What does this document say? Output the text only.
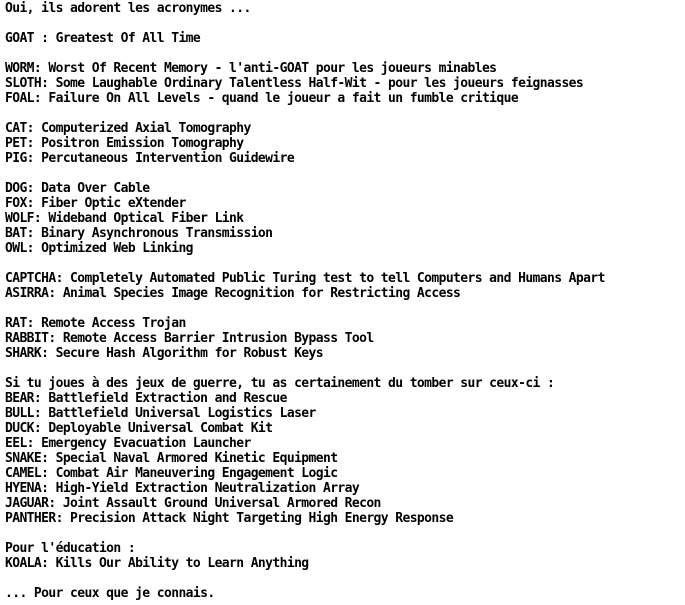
Oui, ils adorent les acronymes ...
GOAT : Greatest Of All Time
WORM: Worst Of Recent Memory - l'anti-GOAT pour les joueurs minables
SLOTH: Some Laughable Ordinary Talentless Half-Wit - pour les joueurs feignasses
FOAL: Failure On All Levels - quand le joueur a fait un fumble critique
CAT: Computerized Axial Tomography
PET: Positron Emission Tomography
PIG: Percutaneous Intervention Guidewire
DOG: Data Over Cable
FOX: Fiber Optic eXtender
WOLF: Wideband Optical Fiber Link
BAT: Binary Asynchronous Transmission
OWL: Optimized Web Linking
CAPTCHA: Completely Automated Public Turing test to tell Computers and Humans Apart
ASIRRA: Animal Species Image Recognition for Restricting Access
RAT: Remote Access Trojan
RABBIT: Remote Access Barrier Intrusion Bypass Tool
SHARK: Secure Hash Algorithm for Robust Keys
Si tu joues à des jeux de guerre, tu as certainement du tomber sur ceux-ci :
BEAR: Battlefield Extraction and Rescue
BULL: Battlefield Universal Logistics Laser
DUCK: Deployable Universal Combat Kit
EEL: Emergency Evacuation Launcher
SNAKE: Special Naval Armored Kinetic Equipment
CAMEL: Combat Air Maneuvering Engagement Logic
HYENA: High-Yield Extraction Neutralization Array
JAGUAR: Joint Assault Ground Universal Armored Recon
PANTHER: Precision Attack Night Targeting High Energy Response
Pour l'éducation :
KOALA: Kills Our Ability to Learn Anything
... Pour ceux que je connais.
